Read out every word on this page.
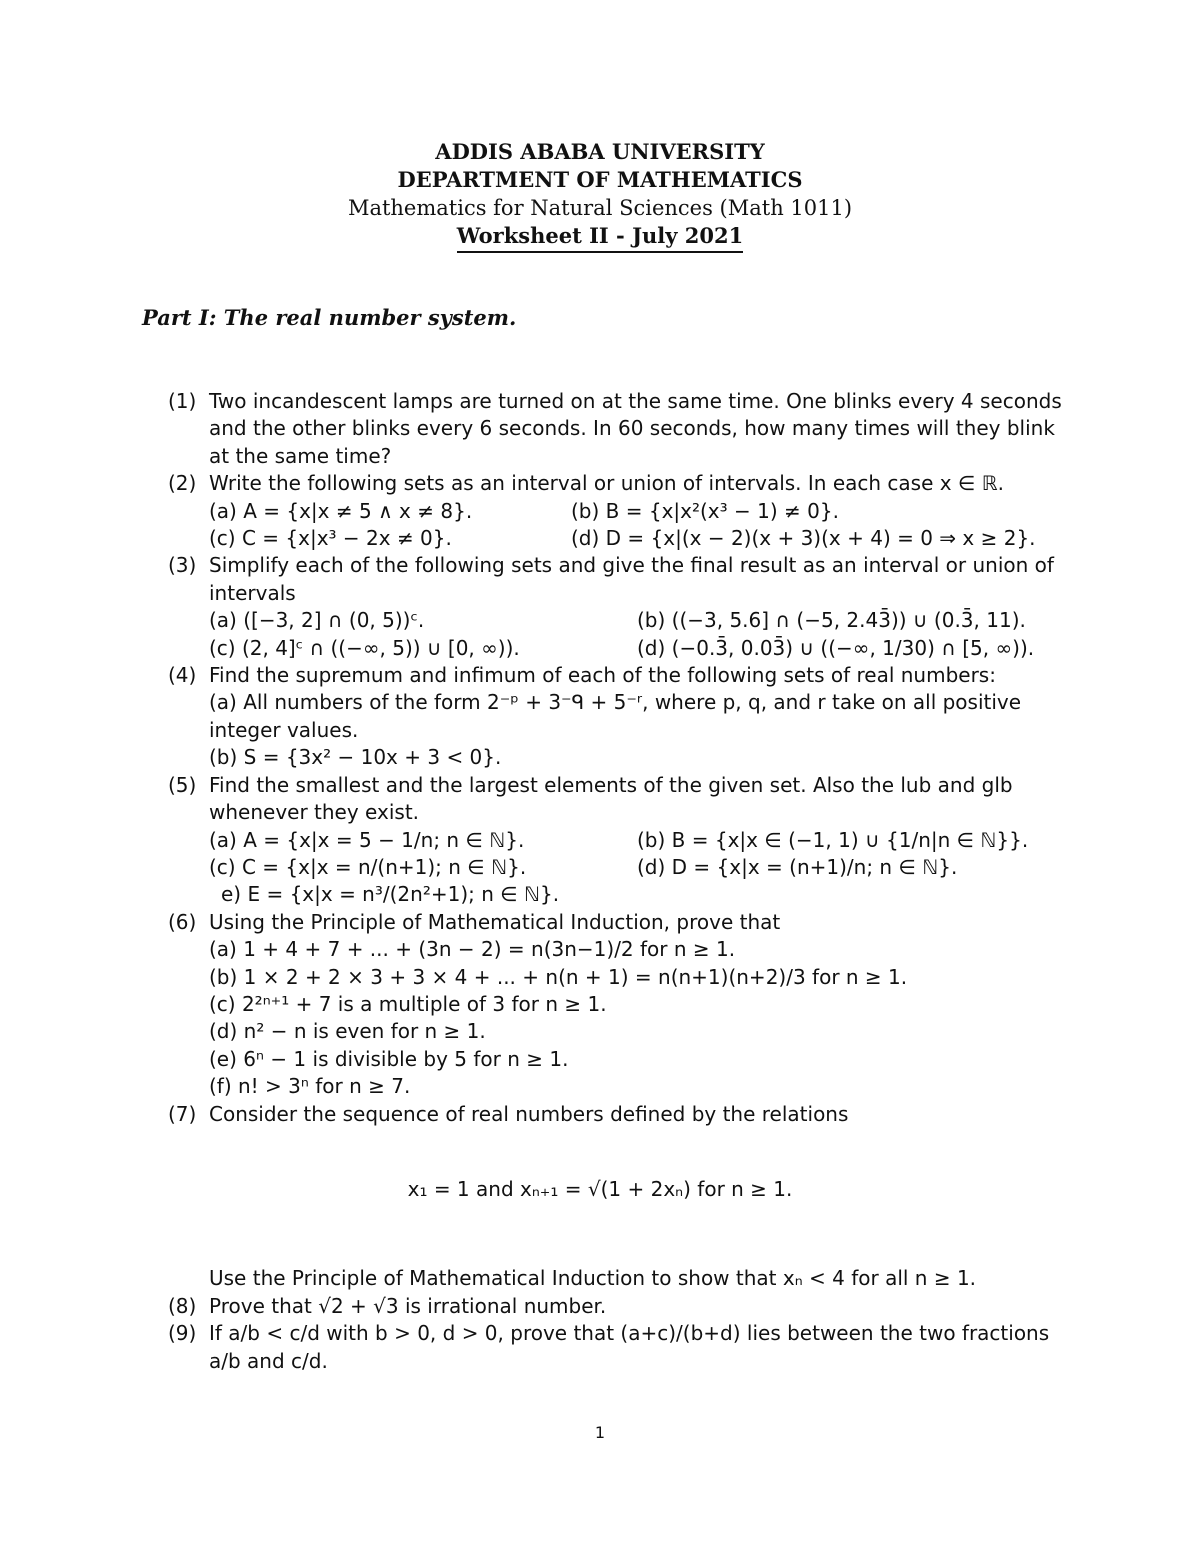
ADDIS ABABA UNIVERSITY
DEPARTMENT OF MATHEMATICS
Mathematics for Natural Sciences (Math 1011)
Worksheet II - July 2021
Part I: The real number system.
(1) Two incandescent lamps are turned on at the same time. One blinks every 4 seconds and the other blinks every 6 seconds. In 60 seconds, how many times will they blink at the same time?
(2) Write the following sets as an interval or union of intervals. In each case x ∈ ℝ.
(a) A = {x|x ≠ 5 ∧ x ≠ 8}.	(b) B = {x|x²(x³ − 1) ≠ 0}.
(c) C = {x|x³ − 2x ≠ 0}.	(d) D = {x|(x − 2)(x + 3)(x + 4) = 0 ⇒ x ≥ 2}.
(3) Simplify each of the following sets and give the final result as an interval or union of intervals
(a) ([−3, 2] ∩ (0, 5))ᶜ.	(b) ((−3, 5.6] ∩ (−5, 2.43̄)) ∪ (0.3̄, 11).
(c) (2, 4]ᶜ ∩ ((−∞, 5)) ∪ [0, ∞)).	(d) (−0.3̄, 0.03̄) ∪ ((−∞, 1/30) ∩ [5, ∞)).
(4) Find the supremum and infimum of each of the following sets of real numbers:
(a) All numbers of the form 2⁻ᵖ + 3⁻ᑫ + 5⁻ʳ, where p, q, and r take on all positive integer values.
(b) S = {3x² − 10x + 3 < 0}.
(5) Find the smallest and the largest elements of the given set. Also the lub and glb whenever they exist.
(a) A = {x|x = 5 − 1/n; n ∈ ℕ}.	(b) B = {x|x ∈ (−1, 1) ∪ {1/n|n ∈ ℕ}}.
(c) C = {x|x = n/(n+1); n ∈ ℕ}.	(d) D = {x|x = (n+1)/n; n ∈ ℕ}.
e) E = {x|x = n³/(2n²+1); n ∈ ℕ}.
(6) Using the Principle of Mathematical Induction, prove that
(a) 1 + 4 + 7 + ... + (3n − 2) = n(3n−1)/2 for n ≥ 1.
(b) 1 × 2 + 2 × 3 + 3 × 4 + ... + n(n + 1) = n(n+1)(n+2)/3 for n ≥ 1.
(c) 2²ⁿ⁺¹ + 7 is a multiple of 3 for n ≥ 1.
(d) n² − n is even for n ≥ 1.
(e) 6ⁿ − 1 is divisible by 5 for n ≥ 1.
(f) n! > 3ⁿ for n ≥ 7.
(7) Consider the sequence of real numbers defined by the relations
x₁ = 1 and xₙ₊₁ = √(1 + 2xₙ) for n ≥ 1.
Use the Principle of Mathematical Induction to show that xₙ < 4 for all n ≥ 1.
(8) Prove that √2 + √3 is irrational number.
(9) If a/b < c/d with b > 0, d > 0, prove that (a+c)/(b+d) lies between the two fractions a/b and c/d.
1
